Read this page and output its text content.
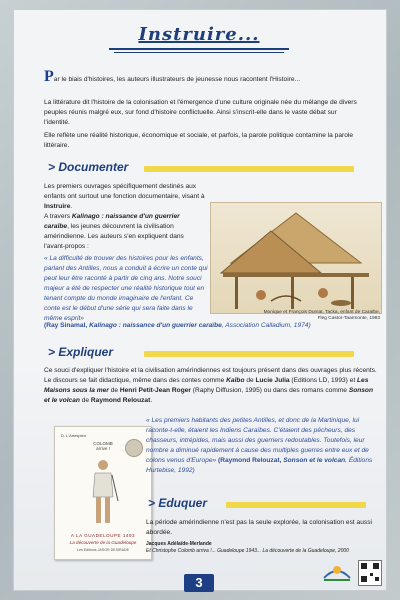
Instruire...
Par le biais d'histoires, les auteurs illustrateurs de jeunesse nous racontent l'Histoire...
La littérature dit l'histoire de la colonisation et l'émergence d'une culture originale née du mélange de divers peuples réunis malgré eux, sur fond d'histoire conflictuelle. Ainsi s'inscrit-elle dans le vaste débat sur l'identité.
Elle reflète une réalité historique, économique et sociale, et parfois, la parole politique contamine la parole littéraire.
> Documenter
Les premiers ouvrages spécifiquement destinés aux enfants ont surtout une fonction documentaire, visant à Instruire.
A travers Kalinago : naissance d'un guerrier caraïbe, les jeunes découvrent la civilisation amérindienne. Les auteurs s'en expliquent dans l'avant-propos :
Monique et François Dumat, Tacka, enfant de Caraïbe,
Fleg Castor-Taarmonte, 1983
« La difficulté de trouver des histoires pour les enfants, parlant des Antilles, nous a conduit à écrire un conte qui peut leur être raconté à partir de cinq ans. Notre souci majeur a été de respecter une réalité historique tout en tenant compte du monde imaginaire de l'enfant. Ce conte est le début d'une série qui sera faite dans le même esprit»
(Ray Sinamal, Kalinago : naissance d'un guerrier caraïbe, Association Calladium, 1974)
> Expliquer
Ce souci d'expliquer l'histoire et la civilisation amérindiennes est toujours présent dans des ouvrages plus récents. Le discours se fait didactique, même dans des contes comme Kaïbo de Lucie Julia (Editions LD, 1993) et Les Maisons sous la mer de Henri Petit-Jean Roger (Raphy Diffusion, 1995) ou dans des romans comme Sonson et le volcan de Raymond Relouzat.
D. L'Artesplen
COLOMB
arrive !
A LA GUADELOUPE 1493
La découverte de la Guadeloupe
Les Editions JASOR DESIRADE
« Les premiers habitants des petites Antilles, et donc de la Martinique, lui raconte-t-elle, étaient les Indiens Caraïbes. C'étaient des pêcheurs, des chasseurs, intrépides, mais aussi des guerriers redoutables. Toutefois, leur nombre a diminué rapidement à cause des multiples guerres entre eux et de colons venus d'Europe» (Raymond Relouzat, Sonson et le volcan, Éditions Hurtebise, 1992)
> Eduquer
La période amérindienne n'est pas la seule explorée, la colonisation est aussi abordée.
Jacques Adélaïde-Merlande
Et Christophe Colomb arriva !... Guadeloupe 1943... La découverte de la Guadeloupe, 2000
3
